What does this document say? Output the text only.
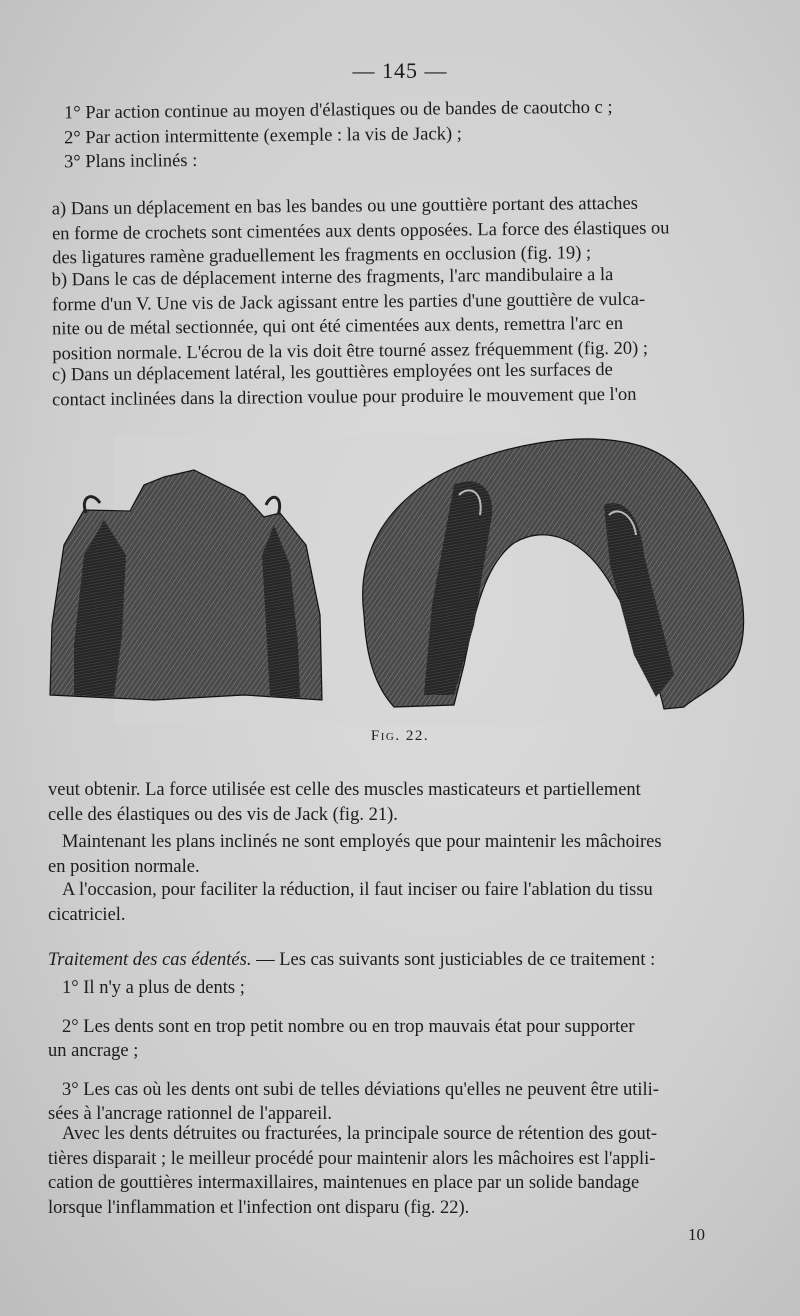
— 145 —
1° Par action continue au moyen d'élastiques ou de bandes de caoutcho c ;
2° Par action intermittente (exemple : la vis de Jack) ;
3° Plans inclinés :
a) Dans un déplacement en bas les bandes ou une gouttière portant des attaches
en forme de crochets sont cimentées aux dents opposées. La force des élastiques ou
des ligatures ramène graduellement les fragments en occlusion (fig. 19) ;
b) Dans le cas de déplacement interne des fragments, l'arc mandibulaire a la
forme d'un V. Une vis de Jack agissant entre les parties d'une gouttière de vulca-
nite ou de métal sectionnée, qui ont été cimentées aux dents, remettra l'arc en
position normale. L'écrou de la vis doit être tourné assez fréquemment (fig. 20) ;
c) Dans un déplacement latéral, les gouttières employées ont les surfaces de
contact inclinées dans la direction voulue pour produire le mouvement que l'on
Fig. 22.
veut obtenir. La force utilisée est celle des muscles masticateurs et partiellement
celle des élastiques ou des vis de Jack (fig. 21).
Maintenant les plans inclinés ne sont employés que pour maintenir les mâchoires
en position normale.
A l'occasion, pour faciliter la réduction, il faut inciser ou faire l'ablation du tissu
cicatriciel.
Traitement des cas édentés. — Les cas suivants sont justiciables de ce traitement :
1° Il n'y a plus de dents ;
2° Les dents sont en trop petit nombre ou en trop mauvais état pour supporter
un ancrage ;
3° Les cas où les dents ont subi de telles déviations qu'elles ne peuvent être utili-
sées à l'ancrage rationnel de l'appareil.
Avec les dents détruites ou fracturées, la principale source de rétention des gout-
tières disparait ; le meilleur procédé pour maintenir alors les mâchoires est l'appli-
cation de gouttières intermaxillaires, maintenues en place par un solide bandage
lorsque l'inflammation et l'infection ont disparu (fig. 22).
10
